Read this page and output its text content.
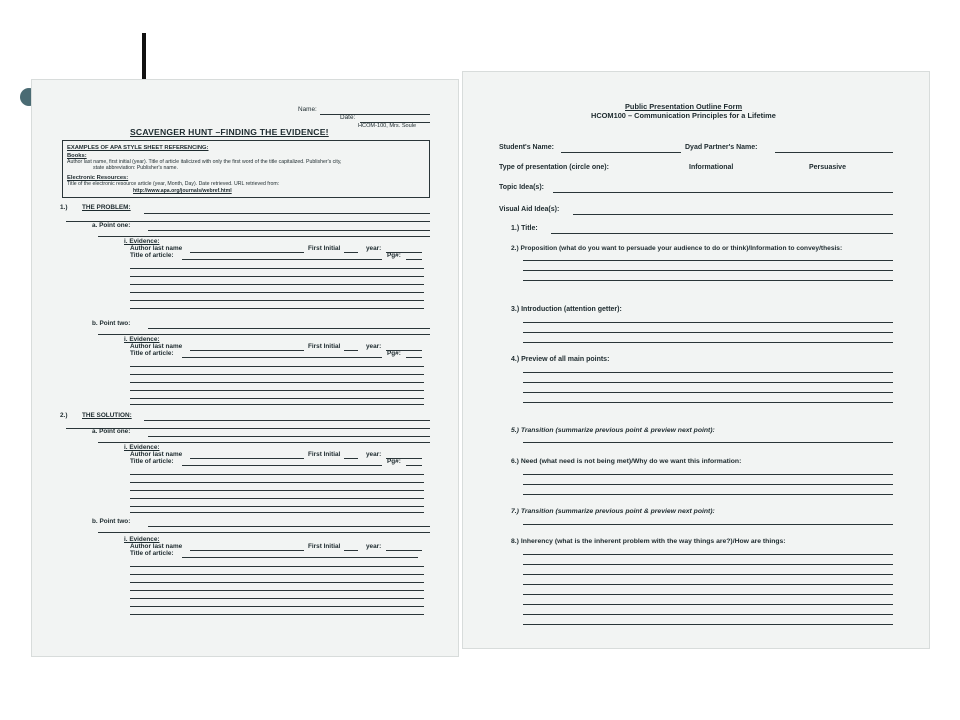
Name:
Date:
HCOM-100, Mrs. Soule
SCAVENGER HUNT –FINDING THE EVIDENCE!
EXAMPLES OF APA STYLE SHEET REFERENCING:
Books:
Author last name, first initial (year). Title of article italicized with only the first word of the title capitalized. Publisher's city,
state abbreviation: Publisher's name.
Electronic Resources:
Title of the electronic resource article (year, Month, Day). Date retrieved. URL retrieved from:
http://www.apa.org/journals/webref.html
1.) THE PROBLEM:
a. Point one:
i. Evidence:
Author last name	First Initial	year:
Title of article:	Pg#:
b. Point two:
i. Evidence:
Author last name	First Initial	year:
Title of article:	Pg#:
2.) THE SOLUTION:
a. Point one:
i. Evidence:
Author last name	First Initial	year:
Title of article:	Pg#:
b. Point two:
i. Evidence:
Author last name	First Initial	year:
Title of article:
Public Presentation Outline Form
HCOM100 – Communication Principles for a Lifetime
Student's Name:	Dyad Partner's Name:
Type of presentation (circle one):	Informational	Persuasive
Topic Idea(s):
Visual Aid Idea(s):
1.) Title:
2.) Proposition (what do you want to persuade your audience to do or think)/Information to convey/thesis:
3.) Introduction (attention getter):
4.) Preview of all main points:
5.) Transition (summarize previous point & preview next point):
6.) Need (what need is not being met)/Why do we want this information:
7.) Transition (summarize previous point & preview next point):
8.) Inherency (what is the inherent problem with the way things are?)/How are things:
